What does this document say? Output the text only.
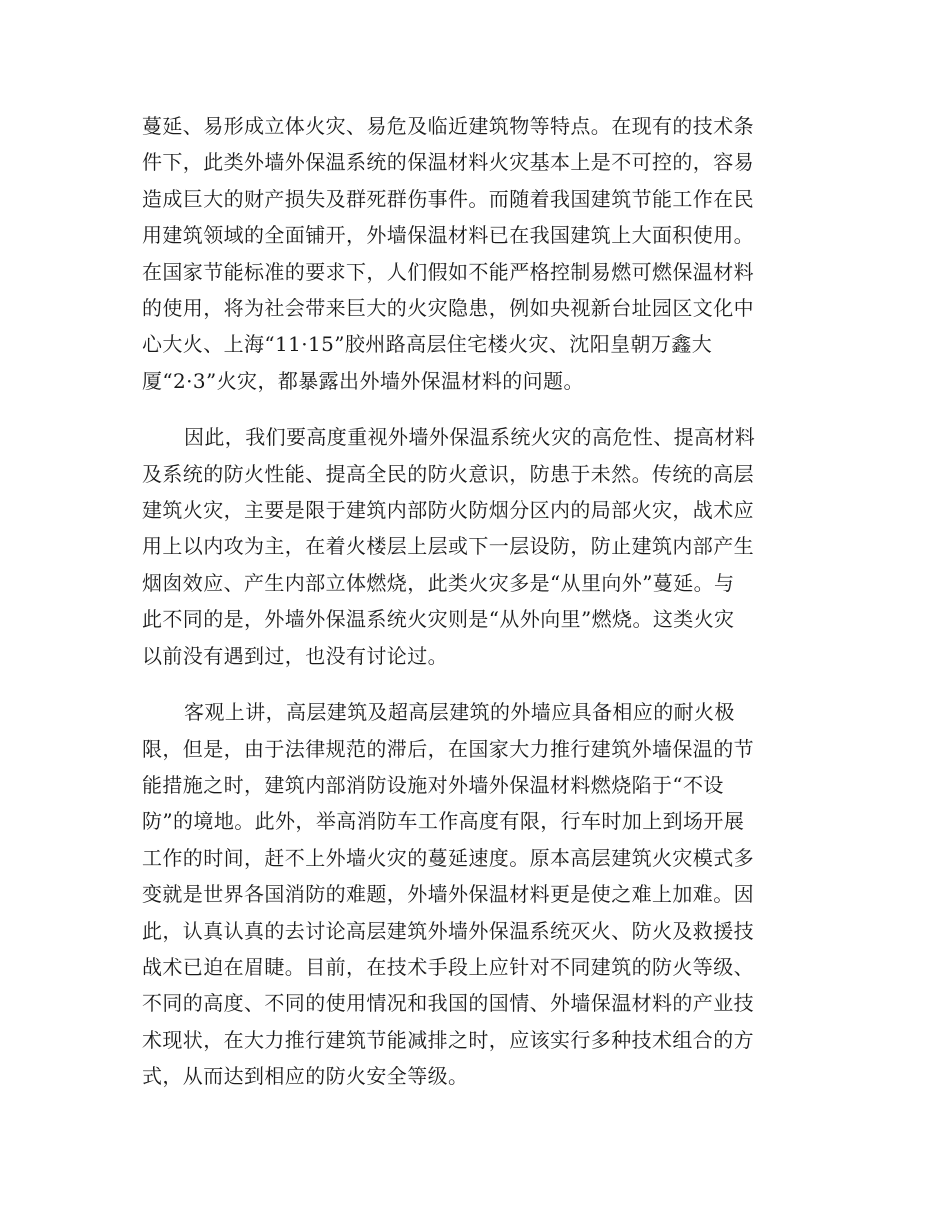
蔓延、易形成立体火灾、易危及临近建筑物等特点。在现有的技术条
件下，此类外墙外保温系统的保温材料火灾基本上是不可控的，容易
造成巨大的财产损失及群死群伤事件。而随着我国建筑节能工作在民
用建筑领域的全面铺开，外墙保温材料已在我国建筑上大面积使用。
在国家节能标准的要求下，人们假如不能严格控制易燃可燃保温材料
的使用，将为社会带来巨大的火灾隐患，例如央视新台址园区文化中
心大火、上海“11·15”胶州路高层住宅楼火灾、沈阳皇朝万鑫大
厦“2·3”火灾，都暴露出外墙外保温材料的问题。

因此，我们要高度重视外墙外保温系统火灾的高危性、提高材料
及系统的防火性能、提高全民的防火意识，防患于未然。传统的高层
建筑火灾，主要是限于建筑内部防火防烟分区内的局部火灾，战术应
用上以内攻为主，在着火楼层上层或下一层设防，防止建筑内部产生
烟囱效应、产生内部立体燃烧，此类火灾多是“从里向外”蔓延。与
此不同的是，外墙外保温系统火灾则是“从外向里”燃烧。这类火灾
以前没有遇到过，也没有讨论过。

客观上讲，高层建筑及超高层建筑的外墙应具备相应的耐火极
限，但是，由于法律规范的滞后，在国家大力推行建筑外墙保温的节
能措施之时，建筑内部消防设施对外墙外保温材料燃烧陷于“不设
防”的境地。此外，举高消防车工作高度有限，行车时加上到场开展
工作的时间，赶不上外墙火灾的蔓延速度。原本高层建筑火灾模式多
变就是世界各国消防的难题，外墙外保温材料更是使之难上加难。因
此，认真认真的去讨论高层建筑外墙外保温系统灭火、防火及救援技
战术已迫在眉睫。目前，在技术手段上应针对不同建筑的防火等级、
不同的高度、不同的使用情况和我国的国情、外墙保温材料的产业技
术现状，在大力推行建筑节能减排之时，应该实行多种技术组合的方
式，从而达到相应的防火安全等级。
